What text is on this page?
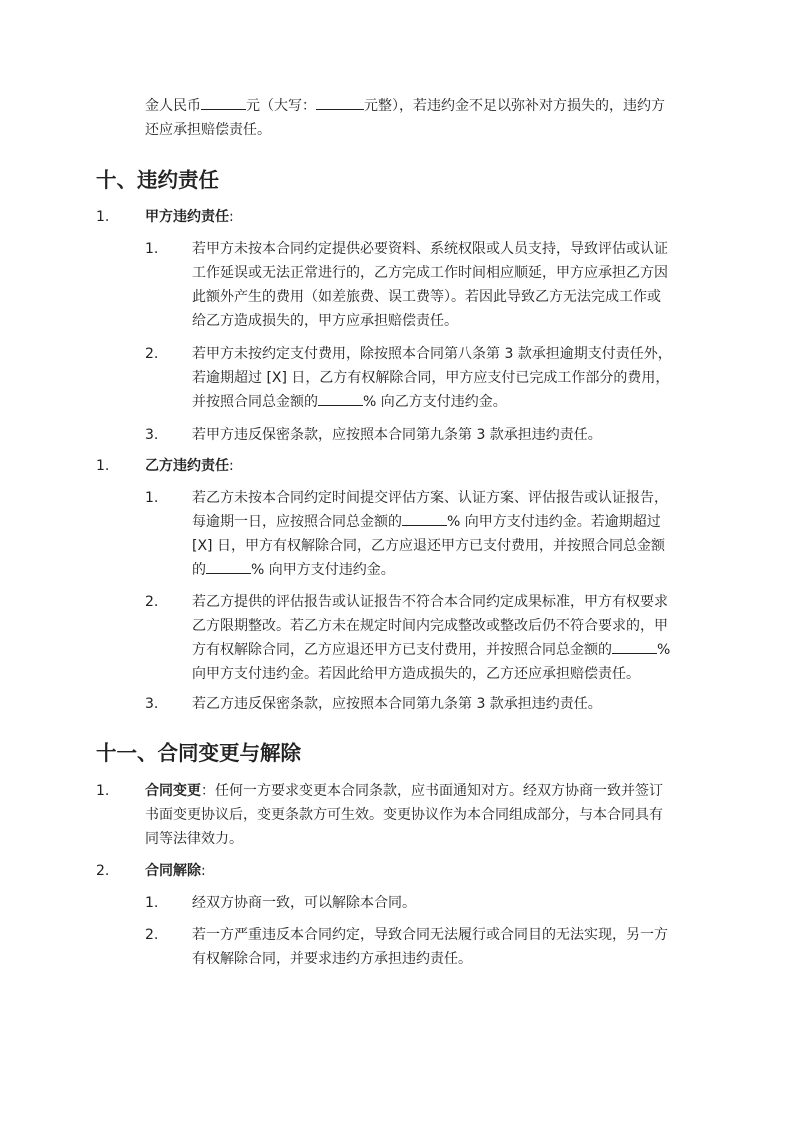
金人民币	元（大写：	元整），若违约金不足以弥补对方损失的，违约方

还应承担赔偿责任。

十、违约责任
1.	甲方违约责任:

1. 若甲方未按本合同约定提供必要资料、系统权限或人员支持，导致评估或认证
工作延误或无法正常进行的，乙方完成工作时间相应顺延，甲方应承担乙方因
此额外产生的费用（如差旅费、误工费等）。若因此导致乙方无法完成工作或
给乙方造成损失的，甲方应承担赔偿责任。
2. 若甲方未按约定支付费用，除按照本合同第八条第 3 款承担逾期支付责任外，
若逾期超过 [X] 日，乙方有权解除合同，甲方应支付已完成工作部分的费用，
并按照合同总金额的	% 向乙方支付违约金。
3. 若甲方违反保密条款，应按照本合同第九条第 3 款承担违约责任。
1.	乙方违约责任:

1. 若乙方未按本合同约定时间提交评估方案、认证方案、评估报告或认证报告，
每逾期一日，应按照合同总金额的	% 向甲方支付违约金。若逾期超过
[X] 日，甲方有权解除合同，乙方应退还甲方已支付费用，并按照合同总金额
的	% 向甲方支付违约金。
2. 若乙方提供的评估报告或认证报告不符合本合同约定成果标准，甲方有权要求
乙方限期整改。若乙方未在规定时间内完成整改或整改后仍不符合要求的，甲
方有权解除合同，乙方应退还甲方已支付费用，并按照合同总金额的	%
向甲方支付违约金。若因此给甲方造成损失的，乙方还应承担赔偿责任。
3. 若乙方违反保密条款，应按照本合同第九条第 3 款承担违约责任。
十一、合同变更与解除
1.	合同变更：任何一方要求变更本合同条款，应书面通知对方。经双方协商一致并签订
书面变更协议后，变更条款方可生效。变更协议作为本合同组成部分，与本合同具有
同等法律效力。
2.	合同解除:

1. 经双方协商一致，可以解除本合同。
2. 若一方严重违反本合同约定，导致合同无法履行或合同目的无法实现，另一方
有权解除合同，并要求违约方承担违约责任。
